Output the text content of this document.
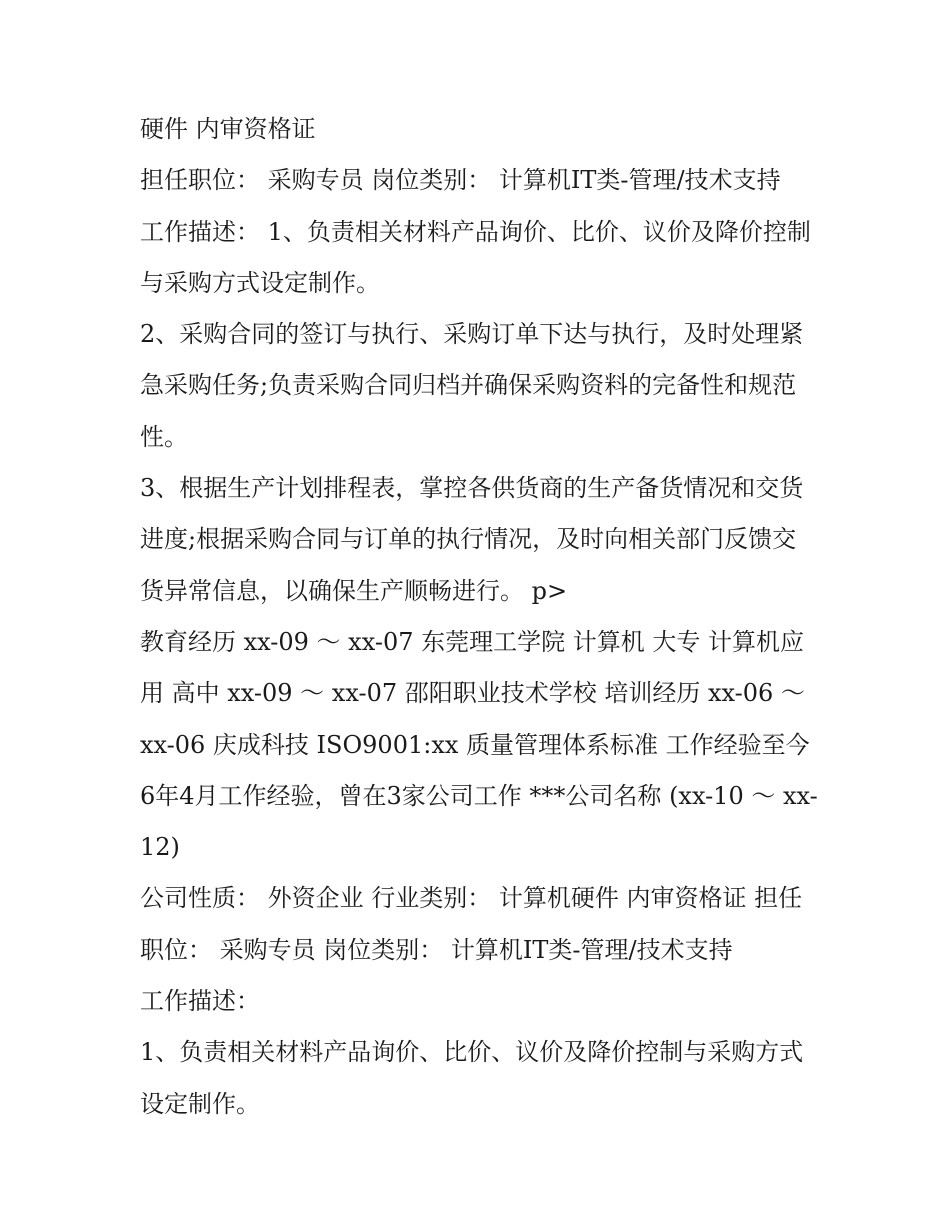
硬件 内审资格证

担任职位： 采购专员 岗位类别： 计算机IT类-管理/技术支持

工作描述： 1、负责相关材料产品询价、比价、议价及降价控制与采购方式设定制作。

2、采购合同的签订与执行、采购订单下达与执行，及时处理紧急采购任务;负责采购合同归档并确保采购资料的完备性和规范性。

3、根据生产计划排程表，掌控各供货商的生产备货情况和交货进度;根据采购合同与订单的执行情况，及时向相关部门反馈交货异常信息，以确保生产顺畅进行。 p>

教育经历 xx-09 ～ xx-07 东莞理工学院 计算机 大专 计算机应用 高中 xx-09 ～ xx-07 邵阳职业技术学校 培训经历 xx-06 ～ xx-06 庆成科技 ISO9001:xx 质量管理体系标准 工作经验至今6年4月工作经验，曾在3家公司工作 ***公司名称 (xx-10 ～ xx-12)

公司性质： 外资企业 行业类别： 计算机硬件 内审资格证 担任职位： 采购专员 岗位类别： 计算机IT类-管理/技术支持

工作描述：

1、负责相关材料产品询价、比价、议价及降价控制与采购方式设定制作。
